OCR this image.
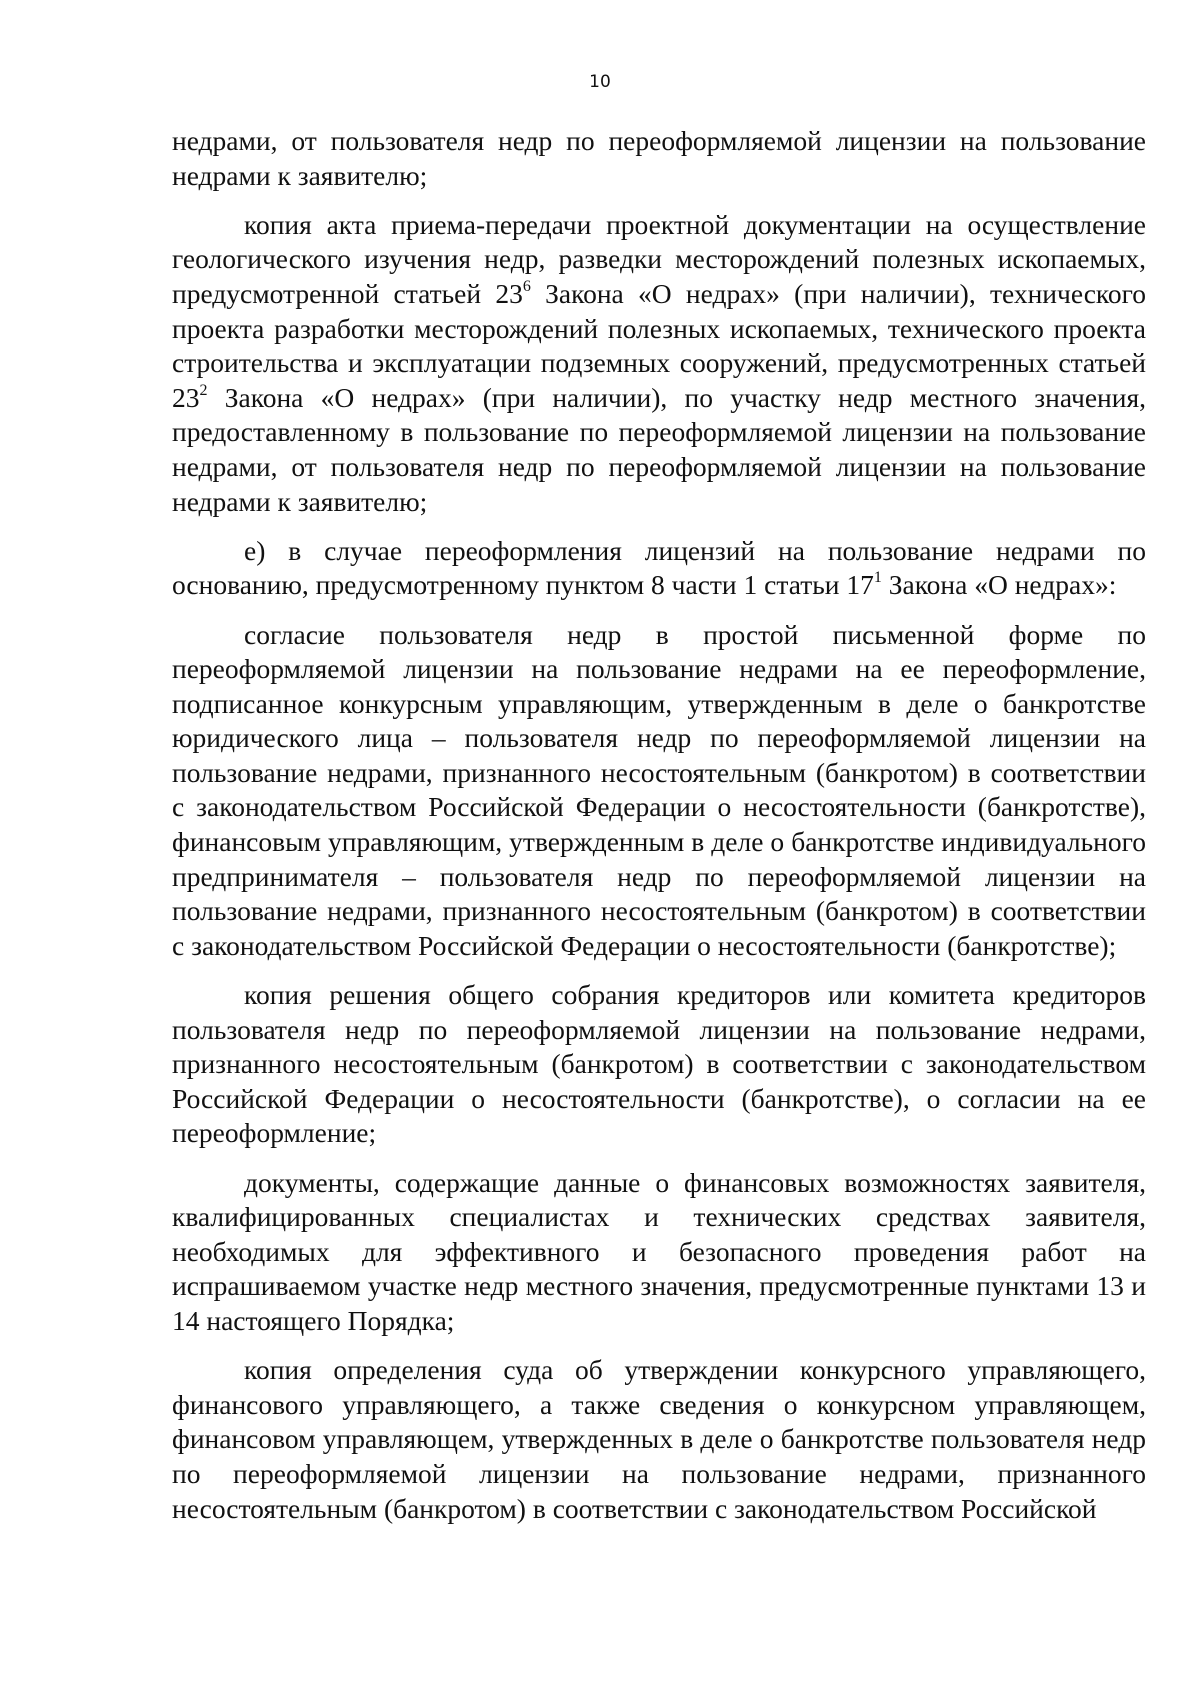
10

недрами, от пользователя недр по переоформляемой лицензии на пользование недрами к заявителю;

копия акта приема-передачи проектной документации на осуществление геологического изучения недр, разведки месторождений полезных ископаемых, предусмотренной статьей $23^6$ Закона «О недрах» (при наличии), технического проекта разработки месторождений полезных ископаемых, технического проекта строительства и эксплуатации подземных сооружений, предусмотренных статьей $23^2$ Закона «О недрах» (при наличии), по участку недр местного значения, предоставленному в пользование по переоформляемой лицензии на пользование недрами, от пользователя недр по переоформляемой лицензии на пользование недрами к заявителю;

е) в случае переоформления лицензий на пользование недрами по основанию, предусмотренному пунктом 8 части 1 статьи $17^1$ Закона «О недрах»:

согласие пользователя недр в простой письменной форме по переоформляемой лицензии на пользование недрами на ее переоформление, подписанное конкурсным управляющим, утвержденным в деле о банкротстве юридического лица – пользователя недр по переоформляемой лицензии на пользование недрами, признанного несостоятельным (банкротом) в соответствии с законодательством Российской Федерации о несостоятельности (банкротстве), финансовым управляющим, утвержденным в деле о банкротстве индивидуального предпринимателя – пользователя недр по переоформляемой лицензии на пользование недрами, признанного несостоятельным (банкротом) в соответствии с законодательством Российской Федерации о несостоятельности (банкротстве);

копия решения общего собрания кредиторов или комитета кредиторов пользователя недр по переоформляемой лицензии на пользование недрами, признанного несостоятельным (банкротом) в соответствии с законодательством Российской Федерации о несостоятельности (банкротстве), о согласии на ее переоформление;

документы, содержащие данные о финансовых возможностях заявителя, квалифицированных специалистах и технических средствах заявителя, необходимых для эффективного и безопасного проведения работ на испрашиваемом участке недр местного значения, предусмотренные пунктами 13 и 14 настоящего Порядка;

копия определения суда об утверждении конкурсного управляющего, финансового управляющего, а также сведения о конкурсном управляющем, финансовом управляющем, утвержденных в деле о банкротстве пользователя недр по переоформляемой лицензии на пользование недрами, признанного несостоятельным (банкротом) в соответствии с законодательством Российской
